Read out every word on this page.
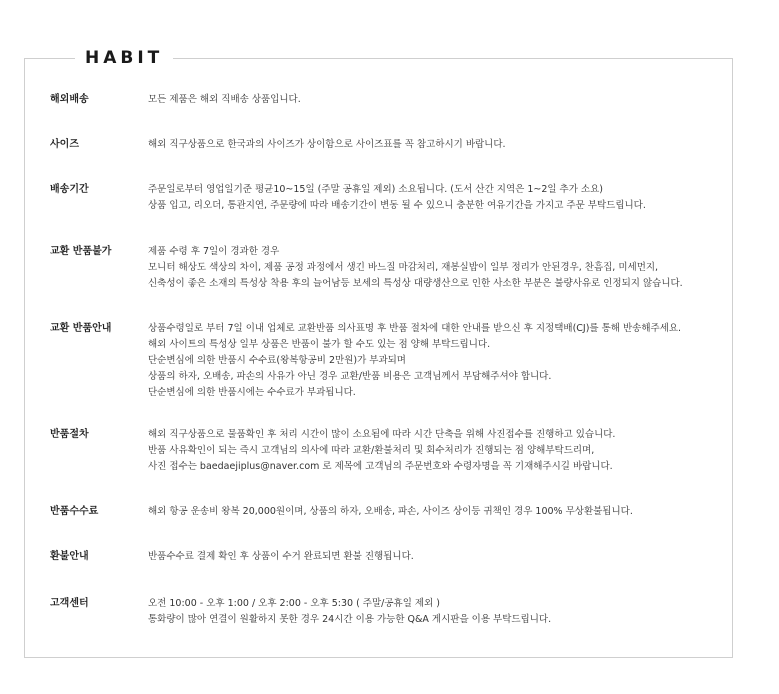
HABIT
해외배송	모든 제품은 해외 직배송 상품입니다.
사이즈	해외 직구상품으로 한국과의 사이즈가 상이함으로 사이즈표를 꼭 참고하시기 바랍니다.
배송기간	주문일로부터 영업일기준 평균10~15일 (주말 공휴일 제외) 소요됩니다. (도서 산간 지역은 1~2일 추가 소요)
상품 입고, 리오더, 통관지연, 주문량에 따라 배송기간이 변동 될 수 있으니 충분한 여유기간을 가지고 주문 부탁드립니다.
교환 반품불가	제품 수령 후 7일이 경과한 경우
모니터 해상도 색상의 차이, 제품 공정 과정에서 생긴 바느질 마감처리, 재봉실밥이 일부 정리가 안된경우, 찬흠집, 미세먼지,
신축성이 좋은 소재의 특성상 착용 후의 늘어남등 보세의 특성상 대량생산으로 인한 사소한 부분은 불량사유로 인정되지 않습니다.
교환 반품안내	상품수령일로 부터 7일 이내 업체로 교환반품 의사표명 후 반품 절차에 대한 안내를 받으신 후 지정택배(CJ)를 통해 반송해주세요.
해외 사이트의 특성상 일부 상품은 반품이 불가 할 수도 있는 점 양해 부탁드립니다.
단순변심에 의한 반품시 수수료(왕복항공비 2만원)가 부과되며
상품의 하자, 오배송, 파손의 사유가 아닌 경우 교환/반품 비용은 고객님께서 부담해주셔야 합니다.
단순변심에 의한 반품시에는 수수료가 부과됩니다.
반품절차	해외 직구상품으로 물품확인 후 처리 시간이 많이 소요됨에 따라 시간 단축을 위해 사진접수를 진행하고 있습니다.
반품 사유확인이 되는 즉시 고객님의 의사에 따라 교환/환불처리 및 회수처리가 진행되는 점 양해부탁드리며,
사진 접수는 baedaejiplus@naver.com 로 제목에 고객님의 주문번호와 수령자명을 꼭 기재해주시길 바랍니다.
반품수수료	해외 항공 운송비 왕복 20,000원이며, 상품의 하자, 오배송, 파손, 사이즈 상이등 귀책인 경우 100% 무상환불됩니다.
환불안내	반품수수료 결제 확인 후 상품이 수거 완료되면 환불 진행됩니다.
고객센터	오전 10:00 - 오후 1:00 / 오후 2:00 - 오후 5:30 ( 주말/공휴일 제외 )
통화량이 많아 연결이 원활하지 못한 경우 24시간 이용 가능한 Q&A 게시판을 이용 부탁드립니다.
